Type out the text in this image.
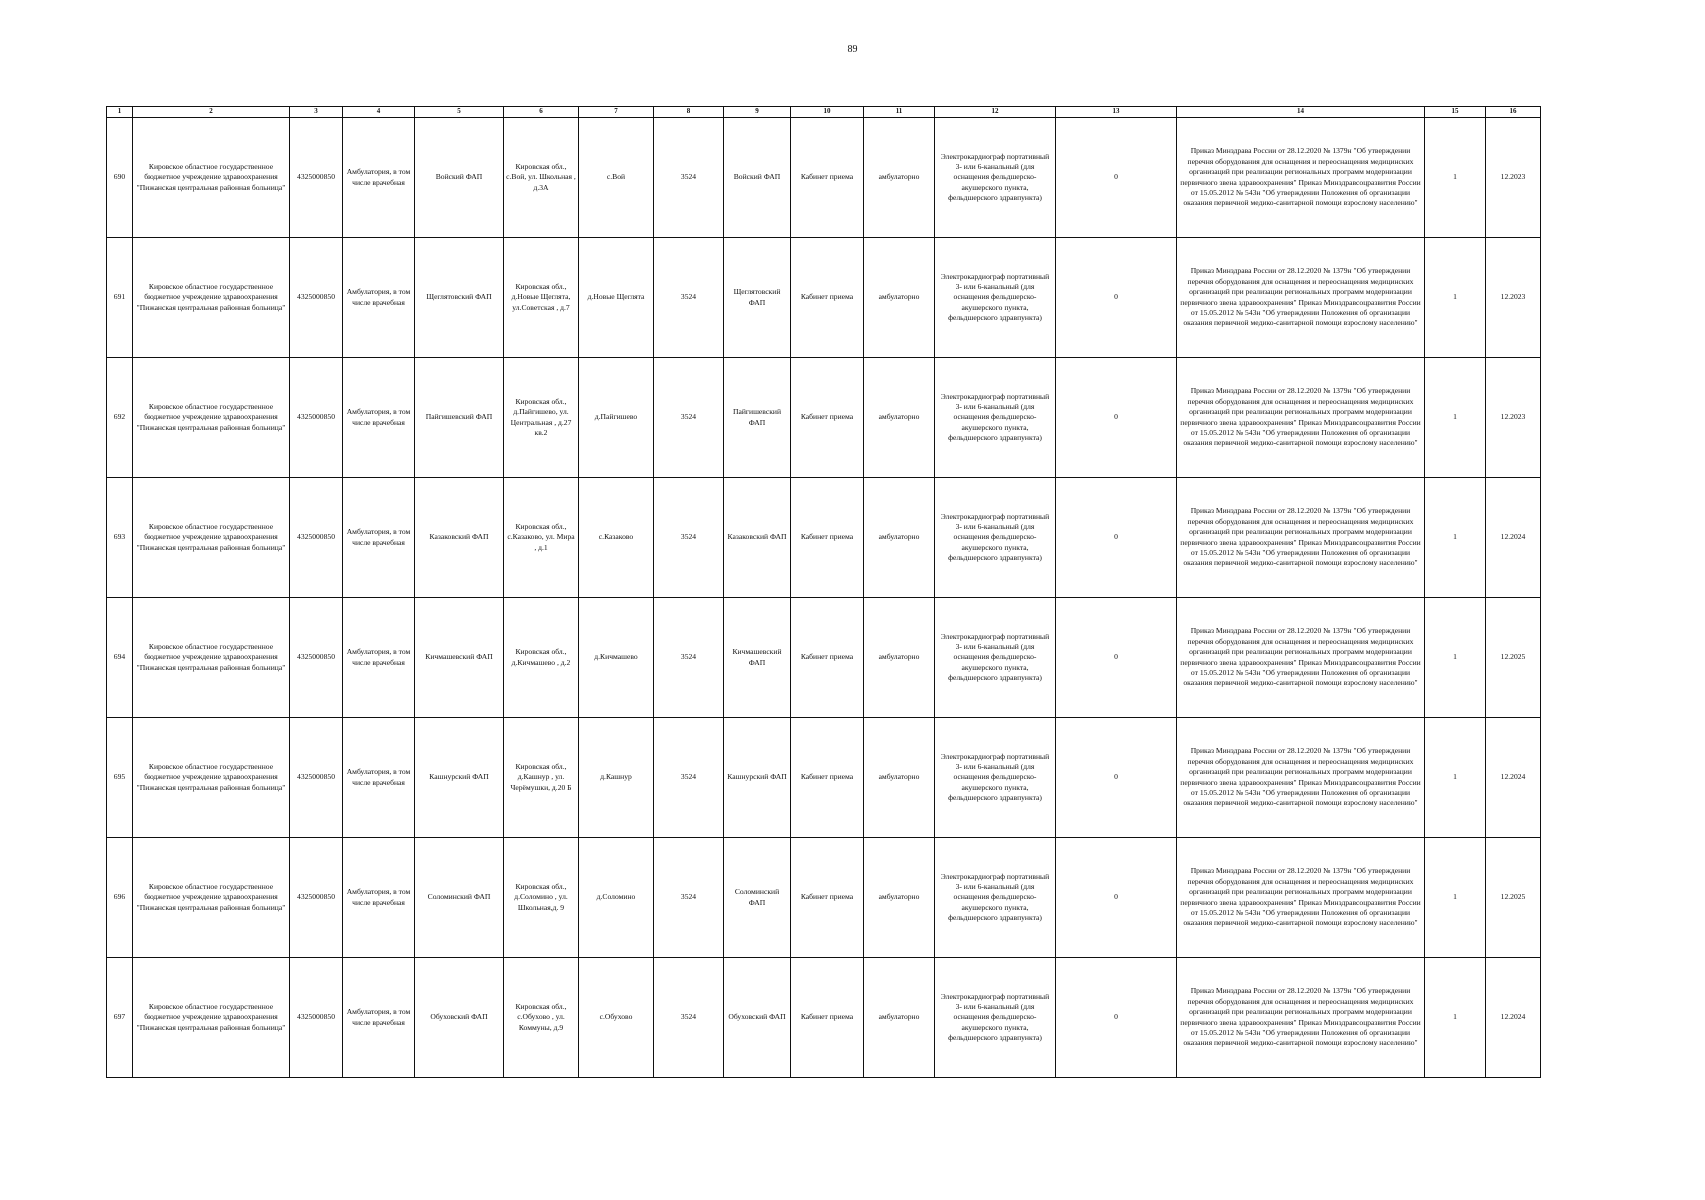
89
1	2	3	4	5	6	7	8	9	10	11	12	13	14	15	16
690	Кировское областное государственное бюджетное учреждение здравоохранения "Пижанская центральная районная больница"	4325000850	Амбулатория, в том числе врачебная	Войский ФАП	Кировская обл., с.Вой, ул. Школьная , д.3А	с.Вой	3524	Войский ФАП	Кабинет приема	амбулаторно	Электрокардиограф портативный 3- или 6-канальный (для оснащения фельдшерско-акушерского пункта, фельдшерского здравпункта)	0	Приказ Минздрава России от 28.12.2020 № 1379н "Об утверждении перечня оборудования для оснащения и переоснащения медицинских организаций при реализации региональных программ модернизации первичного звена здравоохранения" Приказ Минздравсоцразвития России от 15.05.2012 № 543н "Об утверждении Положения об организации оказания первичной медико-санитарной помощи взрослому населению"	1	12.2023
691	Кировское областное государственное бюджетное учреждение здравоохранения "Пижанская центральная районная больница"	4325000850	Амбулатория, в том числе врачебная	Щеглятовский ФАП	Кировская обл., д.Новые Щеглята, ул.Советская , д.7	д.Новые Щеглята	3524	Щеглятовский ФАП	Кабинет приема	амбулаторно	Электрокардиограф портативный 3- или 6-канальный (для оснащения фельдшерско-акушерского пункта, фельдшерского здравпункта)	0	Приказ Минздрава России от 28.12.2020 № 1379н "Об утверждении перечня оборудования для оснащения и переоснащения медицинских организаций при реализации региональных программ модернизации первичного звена здравоохранения" Приказ Минздравсоцразвития России от 15.05.2012 № 543н "Об утверждении Положения об организации оказания первичной медико-санитарной помощи взрослому населению"	1	12.2023
692	Кировское областное государственное бюджетное учреждение здравоохранения "Пижанская центральная районная больница"	4325000850	Амбулатория, в том числе врачебная	Пайгишевский ФАП	Кировская обл., д.Пайгишево, ул. Центральная , д.27 кв.2	д.Пайгишево	3524	Пайгишевский ФАП	Кабинет приема	амбулаторно	Электрокардиограф портативный 3- или 6-канальный (для оснащения фельдшерско-акушерского пункта, фельдшерского здравпункта)	0	Приказ Минздрава России от 28.12.2020 № 1379н "Об утверждении перечня оборудования для оснащения и переоснащения медицинских организаций при реализации региональных программ модернизации первичного звена здравоохранения" Приказ Минздравсоцразвития России от 15.05.2012 № 543н "Об утверждении Положения об организации оказания первичной медико-санитарной помощи взрослому населению"	1	12.2023
693	Кировское областное государственное бюджетное учреждение здравоохранения "Пижанская центральная районная больница"	4325000850	Амбулатория, в том числе врачебная	Казаковский ФАП	Кировская обл., с.Казаково, ул. Мира , д.1	с.Казаково	3524	Казаковский ФАП	Кабинет приема	амбулаторно	Электрокардиограф портативный 3- или 6-канальный (для оснащения фельдшерско-акушерского пункта, фельдшерского здравпункта)	0	Приказ Минздрава России от 28.12.2020 № 1379н "Об утверждении перечня оборудования для оснащения и переоснащения медицинских организаций при реализации региональных программ модернизации первичного звена здравоохранения" Приказ Минздравсоцразвития России от 15.05.2012 № 543н "Об утверждении Положения об организации оказания первичной медико-санитарной помощи взрослому населению"	1	12.2024
694	Кировское областное государственное бюджетное учреждение здравоохранения "Пижанская центральная районная больница"	4325000850	Амбулатория, в том числе врачебная	Кичмашевский ФАП	Кировская обл., д.Кичмашево , д.2	д.Кичмашево	3524	Кичмашевский ФАП	Кабинет приема	амбулаторно	Электрокардиограф портативный 3- или 6-канальный (для оснащения фельдшерско-акушерского пункта, фельдшерского здравпункта)	0	Приказ Минздрава России от 28.12.2020 № 1379н "Об утверждении перечня оборудования для оснащения и переоснащения медицинских организаций при реализации региональных программ модернизации первичного звена здравоохранения" Приказ Минздравсоцразвития России от 15.05.2012 № 543н "Об утверждении Положения об организации оказания первичной медико-санитарной помощи взрослому населению"	1	12.2025
695	Кировское областное государственное бюджетное учреждение здравоохранения "Пижанская центральная районная больница"	4325000850	Амбулатория, в том числе врачебная	Кашнурский ФАП	Кировская обл., д.Кашнур , ул. Черёмушки, д.20 Б	д.Кашнур	3524	Кашнурский ФАП	Кабинет приема	амбулаторно	Электрокардиограф портативный 3- или 6-канальный (для оснащения фельдшерско-акушерского пункта, фельдшерского здравпункта)	0	Приказ Минздрава России от 28.12.2020 № 1379н "Об утверждении перечня оборудования для оснащения и переоснащения медицинских организаций при реализации региональных программ модернизации первичного звена здравоохранения" Приказ Минздравсоцразвития России от 15.05.2012 № 543н "Об утверждении Положения об организации оказания первичной медико-санитарной помощи взрослому населению"	1	12.2024
696	Кировское областное государственное бюджетное учреждение здравоохранения "Пижанская центральная районная больница"	4325000850	Амбулатория, в том числе врачебная	Соломинский ФАП	Кировская обл., д.Соломино , ул. Школьная,д. 9	д.Соломино	3524	Соломинский ФАП	Кабинет приема	амбулаторно	Электрокардиограф портативный 3- или 6-канальный (для оснащения фельдшерско-акушерского пункта, фельдшерского здравпункта)	0	Приказ Минздрава России от 28.12.2020 № 1379н "Об утверждении перечня оборудования для оснащения и переоснащения медицинских организаций при реализации региональных программ модернизации первичного звена здравоохранения" Приказ Минздравсоцразвития России от 15.05.2012 № 543н "Об утверждении Положения об организации оказания первичной медико-санитарной помощи взрослому населению"	1	12.2025
697	Кировское областное государственное бюджетное учреждение здравоохранения "Пижанская центральная районная больница"	4325000850	Амбулатория, в том числе врачебная	Обуховский ФАП	Кировская обл., с.Обухово , ул. Коммуны, д.9	с.Обухово	3524	Обуховский ФАП	Кабинет приема	амбулаторно	Электрокардиограф портативный 3- или 6-канальный (для оснащения фельдшерско-акушерского пункта, фельдшерского здравпункта)	0	Приказ Минздрава России от 28.12.2020 № 1379н "Об утверждении перечня оборудования для оснащения и переоснащения медицинских организаций при реализации региональных программ модернизации первичного звена здравоохранения" Приказ Минздравсоцразвития России от 15.05.2012 № 543н "Об утверждении Положения об организации оказания первичной медико-санитарной помощи взрослому населению"	1	12.2024
